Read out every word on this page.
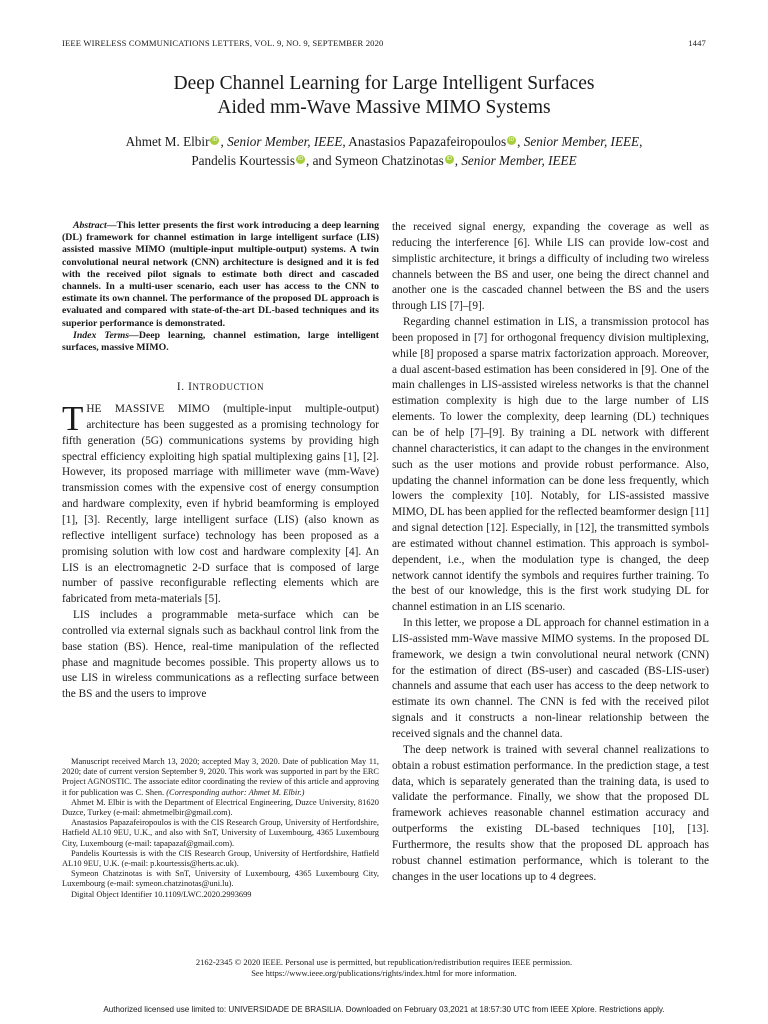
IEEE WIRELESS COMMUNICATIONS LETTERS, VOL. 9, NO. 9, SEPTEMBER 2020	1447
Deep Channel Learning for Large Intelligent Surfaces
Aided mm-Wave Massive MIMO Systems
Ahmet M. Elbir iD , Senior Member, IEEE, Anastasios Papazafeiropoulos iD , Senior Member, IEEE,
Pandelis Kourtessis iD , and Symeon Chatzinotas iD , Senior Member, IEEE

Abstract—This letter presents the first work introducing a deep learning (DL) framework for channel estimation in large intelligent surface (LIS) assisted massive MIMO (multiple-input multiple-output) systems. A twin convolutional neural network (CNN) architecture is designed and it is fed with the received pilot signals to estimate both direct and cascaded channels. In a multi-user scenario, each user has access to the CNN to estimate its own channel. The performance of the proposed DL approach is evaluated and compared with state-of-the-art DL-based techniques and its superior performance is demonstrated.

Index Terms—Deep learning, channel estimation, large intelligent surfaces, massive MIMO.

I. INTRODUCTION

THE MASSIVE MIMO (multiple-input multiple-output) architecture has been suggested as a promising technology for fifth generation (5G) communications systems by providing high spectral efficiency exploiting high spatial multiplexing gains [1], [2]. However, its proposed marriage with millimeter wave (mm-Wave) transmission comes with the expensive cost of energy consumption and hardware complexity, even if hybrid beamforming is employed [1], [3]. Recently, large intelligent surface (LIS) (also known as reflective intelligent surface) technology has been proposed as a promising solution with low cost and hardware complexity [4]. An LIS is an electromagnetic 2-D surface that is composed of large number of passive reconfigurable reflecting elements which are fabricated from meta-materials [5].

LIS includes a programmable meta-surface which can be controlled via external signals such as backhaul control link from the base station (BS). Hence, real-time manipulation of the reflected phase and magnitude becomes possible. This property allows us to use LIS in wireless communications as a reflecting surface between the BS and the users to improve

Manuscript received March 13, 2020; accepted May 3, 2020. Date of publication May 11, 2020; date of current version September 9, 2020. This work was supported in part by the ERC Project AGNOSTIC. The associate editor coordinating the review of this article and approving it for publication was C. Shen. (Corresponding author: Ahmet M. Elbir.)

Ahmet M. Elbir is with the Department of Electrical Engineering, Duzce University, 81620 Duzce, Turkey (e-mail: ahmetmelbir@gmail.com).

Anastasios Papazafeiropoulos is with the CIS Research Group, University of Hertfordshire, Hatfield AL10 9EU, U.K., and also with SnT, University of Luxembourg, 4365 Luxembourg City, Luxembourg (e-mail: tapapazaf@gmail.com).

Pandelis Kourtessis is with the CIS Research Group, University of Hertfordshire, Hatfield AL10 9EU, U.K. (e-mail: p.kourtessis@herts.ac.uk).

Symeon Chatzinotas is with SnT, University of Luxembourg, 4365 Luxembourg City, Luxembourg (e-mail: symeon.chatzinotas@uni.lu).

Digital Object Identifier 10.1109/LWC.2020.2993699

the received signal energy, expanding the coverage as well as reducing the interference [6]. While LIS can provide low-cost and simplistic architecture, it brings a difficulty of including two wireless channels between the BS and user, one being the direct channel and another one is the cascaded channel between the BS and the users through LIS [7]–[9].

Regarding channel estimation in LIS, a transmission protocol has been proposed in [7] for orthogonal frequency division multiplexing, while [8] proposed a sparse matrix factorization approach. Moreover, a dual ascent-based estimation has been considered in [9]. One of the main challenges in LIS-assisted wireless networks is that the channel estimation complexity is high due to the large number of LIS elements. To lower the complexity, deep learning (DL) techniques can be of help [7]–[9]. By training a DL network with different channel characteristics, it can adapt to the changes in the environment such as the user motions and provide robust performance. Also, updating the channel information can be done less frequently, which lowers the complexity [10]. Notably, for LIS-assisted massive MIMO, DL has been applied for the reflected beamformer design [11] and signal detection [12]. Especially, in [12], the transmitted symbols are estimated without channel estimation. This approach is symbol-dependent, i.e., when the modulation type is changed, the deep network cannot identify the symbols and requires further training. To the best of our knowledge, this is the first work studying DL for channel estimation in an LIS scenario.

In this letter, we propose a DL approach for channel estimation in a LIS-assisted mm-Wave massive MIMO systems. In the proposed DL framework, we design a twin convolutional neural network (CNN) for the estimation of direct (BS-user) and cascaded (BS-LIS-user) channels and assume that each user has access to the deep network to estimate its own channel. The CNN is fed with the received pilot signals and it constructs a non-linear relationship between the received signals and the channel data.

The deep network is trained with several channel realizations to obtain a robust estimation performance. In the prediction stage, a test data, which is separately generated than the training data, is used to validate the performance. Finally, we show that the proposed DL framework achieves reasonable channel estimation accuracy and outperforms the existing DL-based techniques [10], [13]. Furthermore, the results show that the proposed DL approach has robust channel estimation performance, which is tolerant to the changes in the user locations up to 4 degrees.

2162-2345 © 2020 IEEE. Personal use is permitted, but republication/redistribution requires IEEE permission.
See https://www.ieee.org/publications/rights/index.html for more information.
Authorized licensed use limited to: UNIVERSIDADE DE BRASILIA. Downloaded on February 03,2021 at 18:57:30 UTC from IEEE Xplore. Restrictions apply.
